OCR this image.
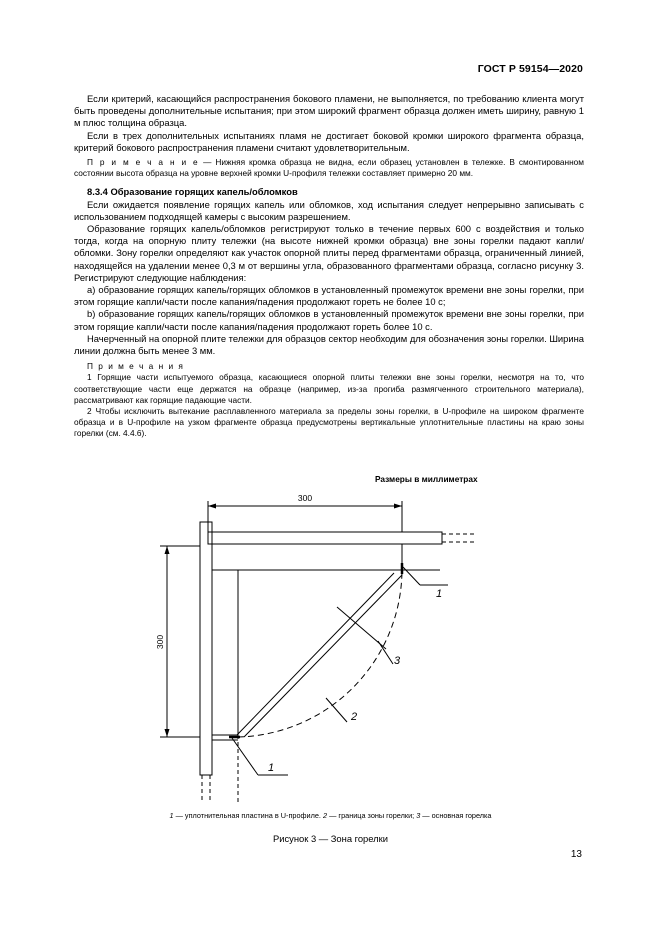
ГОСТ Р 59154—2020

Если критерий, касающийся распространения бокового пламени, не выполняется, по требованию клиента могут быть проведены дополнительные испытания; при этом широкий фрагмент образца должен иметь ширину, равную 1 м плюс толщина образца.

Если в трех дополнительных испытаниях пламя не достигает боковой кромки широкого фрагмента образца, критерий бокового распространения пламени считают удовлетворительным.

П р и м е ч а н и е — Нижняя кромка образца не видна, если образец установлен в тележке. В смонтированном состоянии высота образца на уровне верхней кромки U-профиля тележки составляет примерно 20 мм.

8.3.4 Образование горящих капель/обломков

Если ожидается появление горящих капель или обломков, ход испытания следует непрерывно записывать с использованием подходящей камеры с высоким разрешением.

Образование горящих капель/обломков регистрируют только в течение первых 600 с воздействия и только тогда, когда на опорную плиту тележки (на высоте нижней кромки образца) вне зоны горелки падают капли/обломки. Зону горелки определяют как участок опорной плиты перед фрагментами образца, ограниченный линией, находящейся на удалении менее 0,3 м от вершины угла, образованного фрагментами образца, согласно рисунку 3. Регистрируют следующие наблюдения:

а) образование горящих капель/горящих обломков в установленный промежуток времени вне зоны горелки, при этом горящие капли/части после капания/падения продолжают гореть не более 10 с;

b) образование горящих капель/горящих обломков в установленный промежуток времени вне зоны горелки, при этом горящие капли/части после капания/падения продолжают гореть более 10 с.

Начерченный на опорной плите тележки для образцов сектор необходим для обозначения зоны горелки. Ширина линии должна быть менее 3 мм.

П р и м е ч а н и я

1 Горящие части испытуемого образца, касающиеся опорной плиты тележки вне зоны горелки, несмотря на то, что соответствующие части еще держатся на образце (например, из-за прогиба размягченного строительного материала), рассматривают как горящие падающие части.

2 Чтобы исключить вытекание расплавленного материала за пределы зоны горелки, в U-профиле на широком фрагменте образца и в U-профиле на узком фрагменте образца предусмотрены вертикальные уплотнительные пластины на краю зоны горелки (см. 4.4.6).

Размеры в миллиметрах
300
300
1
1
2
3
1 — уплотнительная пластина в U-профиле. 2 — граница зоны горелки; 3 — основная горелка
Рисунок 3 — Зона горелки
13
